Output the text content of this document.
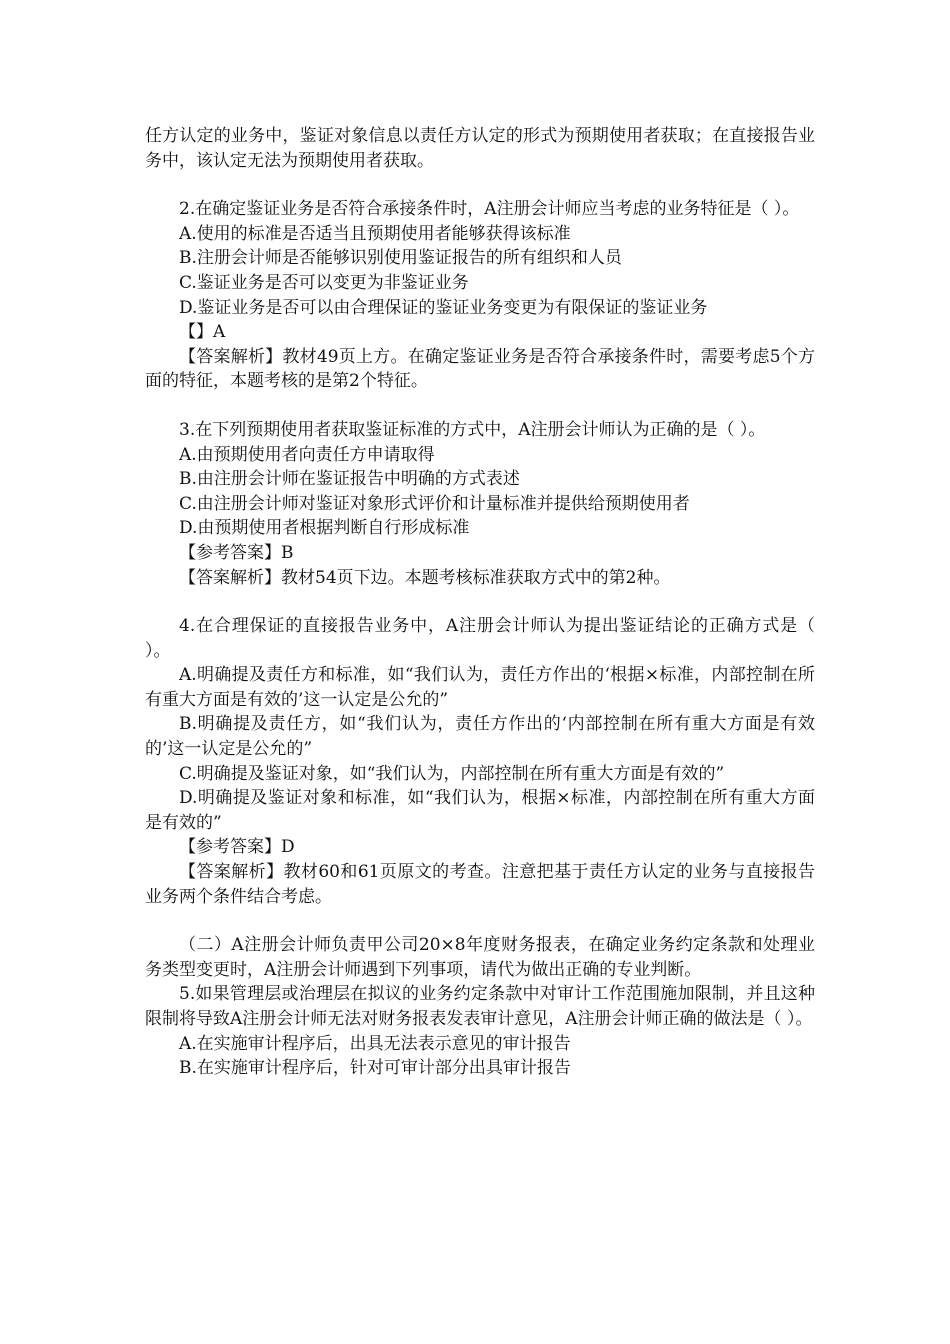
任方认定的业务中，鉴证对象信息以责任方认定的形式为预期使用者获取；在直接报告业务中，该认定无法为预期使用者获取。
2.在确定鉴证业务是否符合承接条件时，A注册会计师应当考虑的业务特征是（ ）。
A.使用的标准是否适当且预期使用者能够获得该标准
B.注册会计师是否能够识别使用鉴证报告的所有组织和人员
C.鉴证业务是否可以变更为非鉴证业务
D.鉴证业务是否可以由合理保证的鉴证业务变更为有限保证的鉴证业务
【】A
【答案解析】教材49页上方。在确定鉴证业务是否符合承接条件时，需要考虑5个方面的特征，本题考核的是第2个特征。
3.在下列预期使用者获取鉴证标准的方式中，A注册会计师认为正确的是（ ）。
A.由预期使用者向责任方申请取得
B.由注册会计师在鉴证报告中明确的方式表述
C.由注册会计师对鉴证对象形式评价和计量标准并提供给预期使用者
D.由预期使用者根据判断自行形成标准
【参考答案】B
【答案解析】教材54页下边。本题考核标准获取方式中的第2种。
4.在合理保证的直接报告业务中，A注册会计师认为提出鉴证结论的正确方式是（ ）。
A.明确提及责任方和标准，如“我们认为，责任方作出的‘根据×标准，内部控制在所有重大方面是有效的’这一认定是公允的”
B.明确提及责任方，如“我们认为，责任方作出的‘内部控制在所有重大方面是有效的’这一认定是公允的”
C.明确提及鉴证对象，如“我们认为，内部控制在所有重大方面是有效的”
D.明确提及鉴证对象和标准，如“我们认为，根据×标准，内部控制在所有重大方面是有效的”
【参考答案】D
【答案解析】教材60和61页原文的考查。注意把基于责任方认定的业务与直接报告业务两个条件结合考虑。
（二）A注册会计师负责甲公司20×8年度财务报表，在确定业务约定条款和处理业务类型变更时，A注册会计师遇到下列事项，请代为做出正确的专业判断。
5.如果管理层或治理层在拟议的业务约定条款中对审计工作范围施加限制，并且这种限制将导致A注册会计师无法对财务报表发表审计意见，A注册会计师正确的做法是（ ）。
A.在实施审计程序后，出具无法表示意见的审计报告
B.在实施审计程序后，针对可审计部分出具审计报告
